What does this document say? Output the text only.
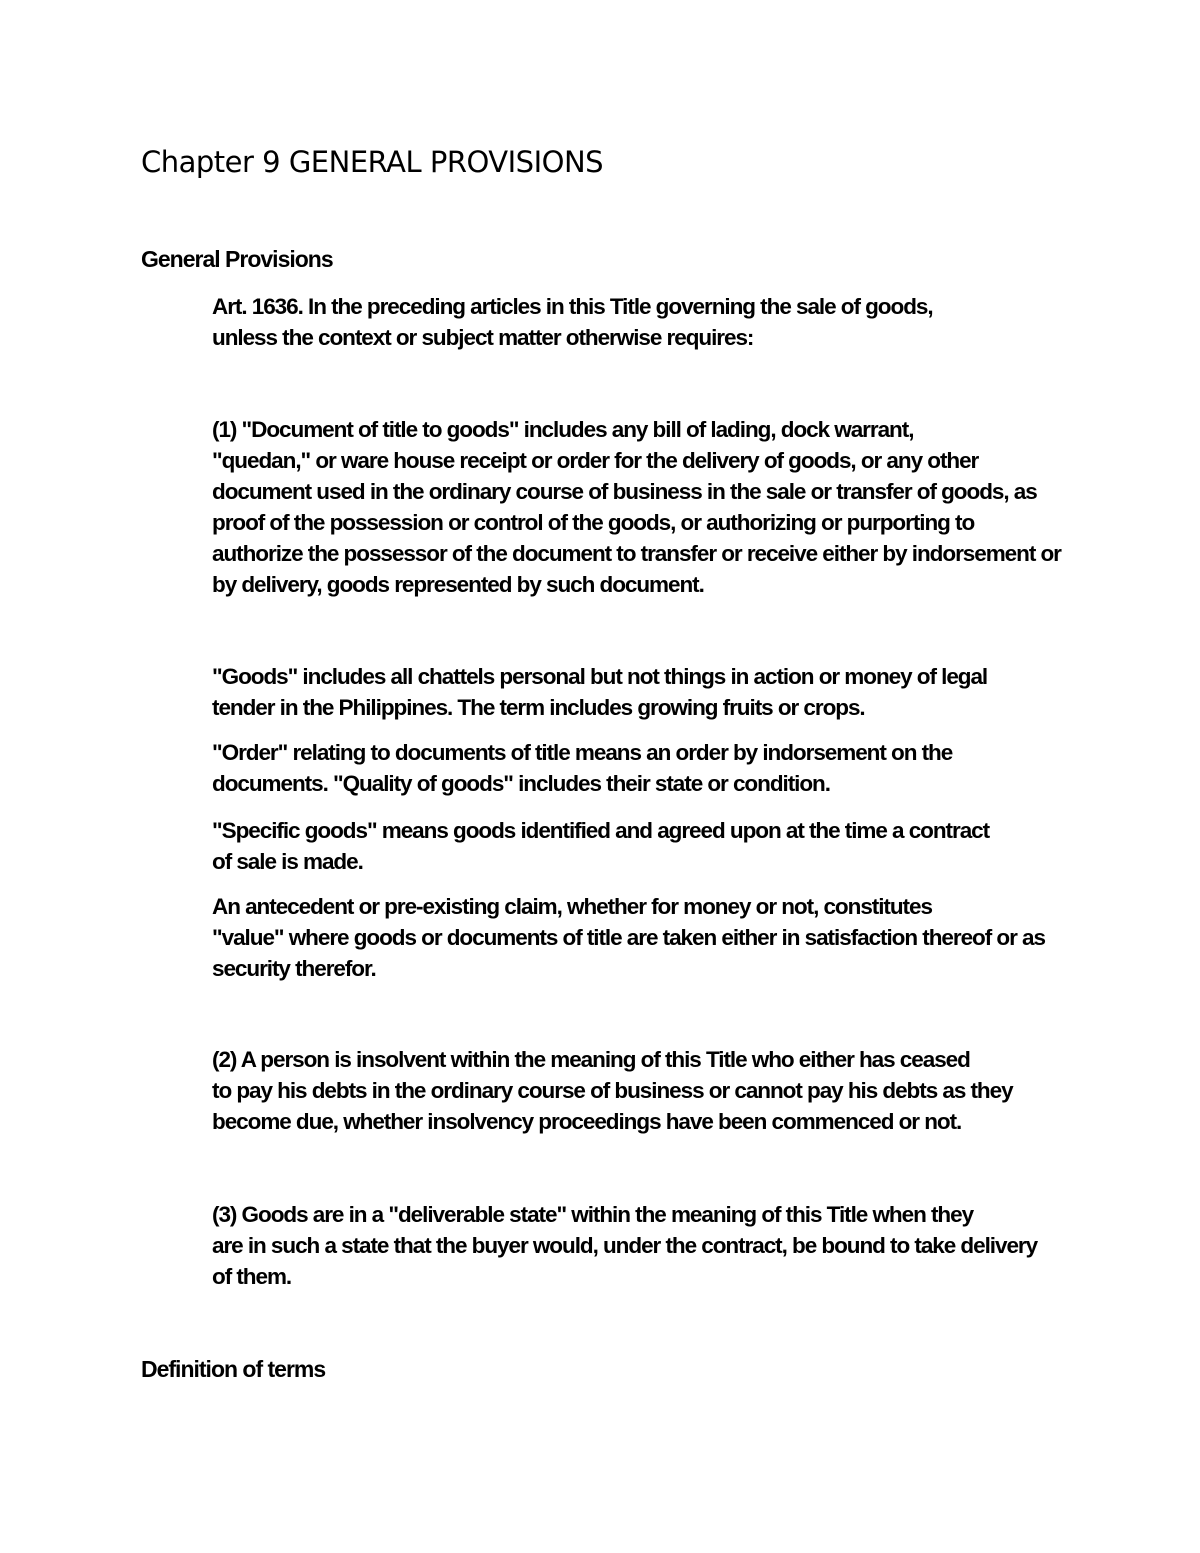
Chapter 9 GENERAL PROVISIONS
General Provisions

Art. 1636. In the preceding articles in this Title governing the sale of goods,
unless the context or subject matter otherwise requires:

(1) "Document of title to goods" includes any bill of lading, dock warrant,
"quedan," or ware house receipt or order for the delivery of goods, or any other
document used in the ordinary course of business in the sale or transfer of goods, as
proof of the possession or control of the goods, or authorizing or purporting to
authorize the possessor of the document to transfer or receive either by indorsement or
by delivery, goods represented by such document.

"Goods" includes all chattels personal but not things in action or money of legal
tender in the Philippines. The term includes growing fruits or crops.

"Order" relating to documents of title means an order by indorsement on the
documents. "Quality of goods" includes their state or condition.

"Specific goods" means goods identified and agreed upon at the time a contract
of sale is made.

An antecedent or pre-existing claim, whether for money or not, constitutes
"value" where goods or documents of title are taken either in satisfaction thereof or as
security therefor.

(2) A person is insolvent within the meaning of this Title who either has ceased
to pay his debts in the ordinary course of business or cannot pay his debts as they
become due, whether insolvency proceedings have been commenced or not.

(3) Goods are in a "deliverable state" within the meaning of this Title when they
are in such a state that the buyer would, under the contract, be bound to take delivery
of them.

Definition of terms
